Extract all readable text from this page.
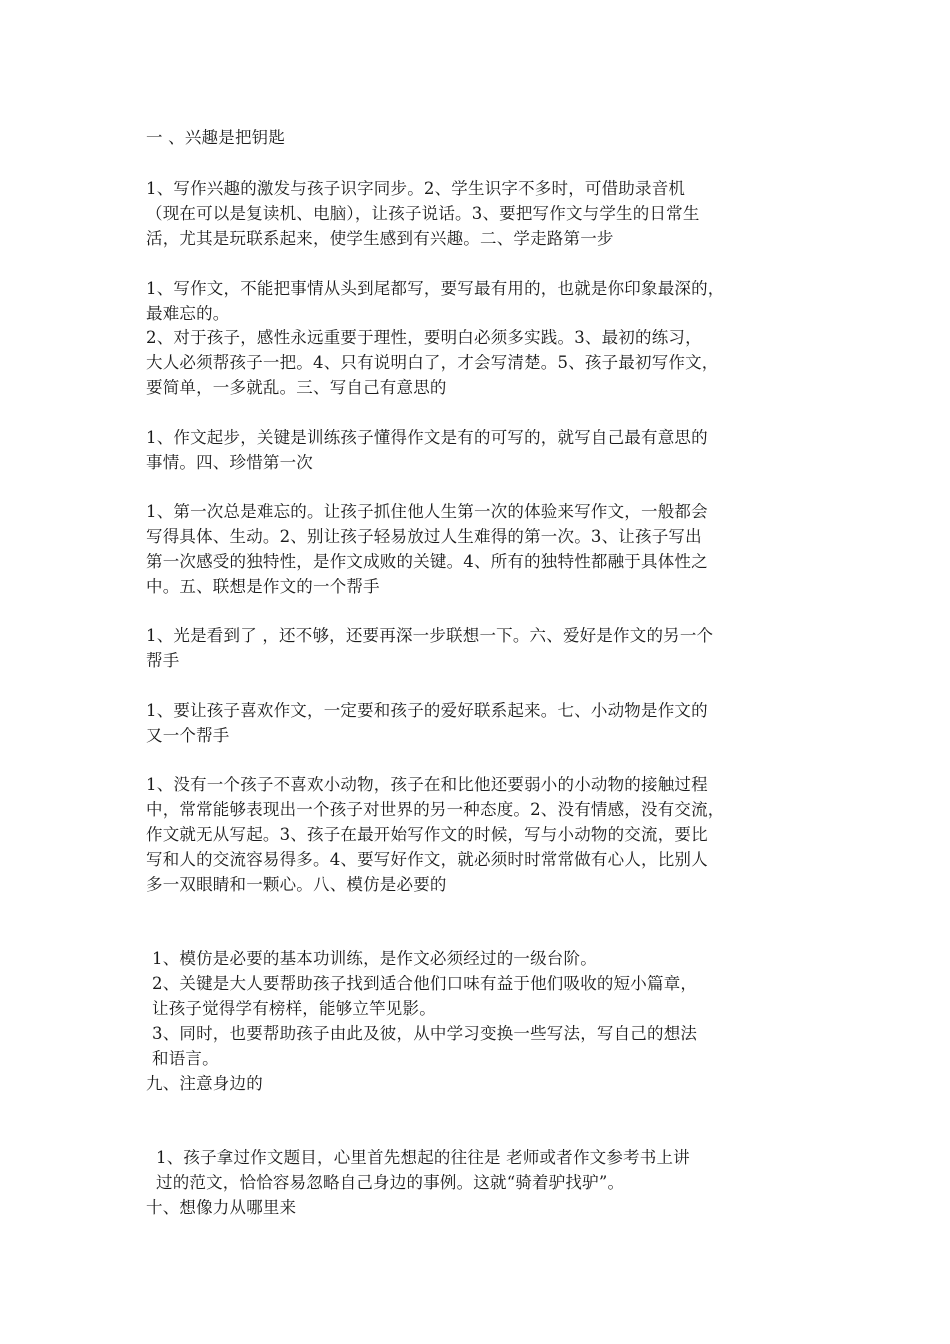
一 、兴趣是把钥匙
1、写作兴趣的激发与孩子识字同步。2、学生识字不多时，可借助录音机
（现在可以是复读机、电脑），让孩子说话。3、要把写作文与学生的日常生
活，尤其是玩联系起来，使学生感到有兴趣。二、学走路第一步
1、写作文，不能把事情从头到尾都写，要写最有用的，也就是你印象最深的，
最难忘的。
2、对于孩子，感性永远重要于理性，要明白必须多实践。3、最初的练习，
大人必须帮孩子一把。4、只有说明白了，才会写清楚。5、孩子最初写作文，
要简单，一多就乱。三、写自己有意思的
1、作文起步，关键是训练孩子懂得作文是有的可写的，就写自己最有意思的
事情。四、珍惜第一次
1、第一次总是难忘的。让孩子抓住他人生第一次的体验来写作文，一般都会
写得具体、生动。2、别让孩子轻易放过人生难得的第一次。3、让孩子写出
第一次感受的独特性，是作文成败的关键。4、所有的独特性都融于具体性之
中。五、联想是作文的一个帮手
1、光是看到了 ，还不够，还要再深一步联想一下。六、爱好是作文的另一个
帮手
1、要让孩子喜欢作文，一定要和孩子的爱好联系起来。七、小动物是作文的
又一个帮手
1、没有一个孩子不喜欢小动物，孩子在和比他还要弱小的小动物的接触过程
中，常常能够表现出一个孩子对世界的另一种态度。2、没有情感，没有交流，
作文就无从写起。3、孩子在最开始写作文的时候，写与小动物的交流，要比
写和人的交流容易得多。4、要写好作文，就必须时时常常做有心人，比别人
多一双眼睛和一颗心。八、模仿是必要的
1、模仿是必要的基本功训练，是作文必须经过的一级台阶。
2、关键是大人要帮助孩子找到适合他们口味有益于他们吸收的短小篇章，
让孩子觉得学有榜样，能够立竿见影。
3、同时，也要帮助孩子由此及彼，从中学习变换一些写法，写自己的想法
和语言。
九、注意身边的
1、孩子拿过作文题目，心里首先想起的往往是 老师或者作文参考书上讲
过的范文，恰恰容易忽略自己身边的事例。这就“骑着驴找驴”。
十、想像力从哪里来
